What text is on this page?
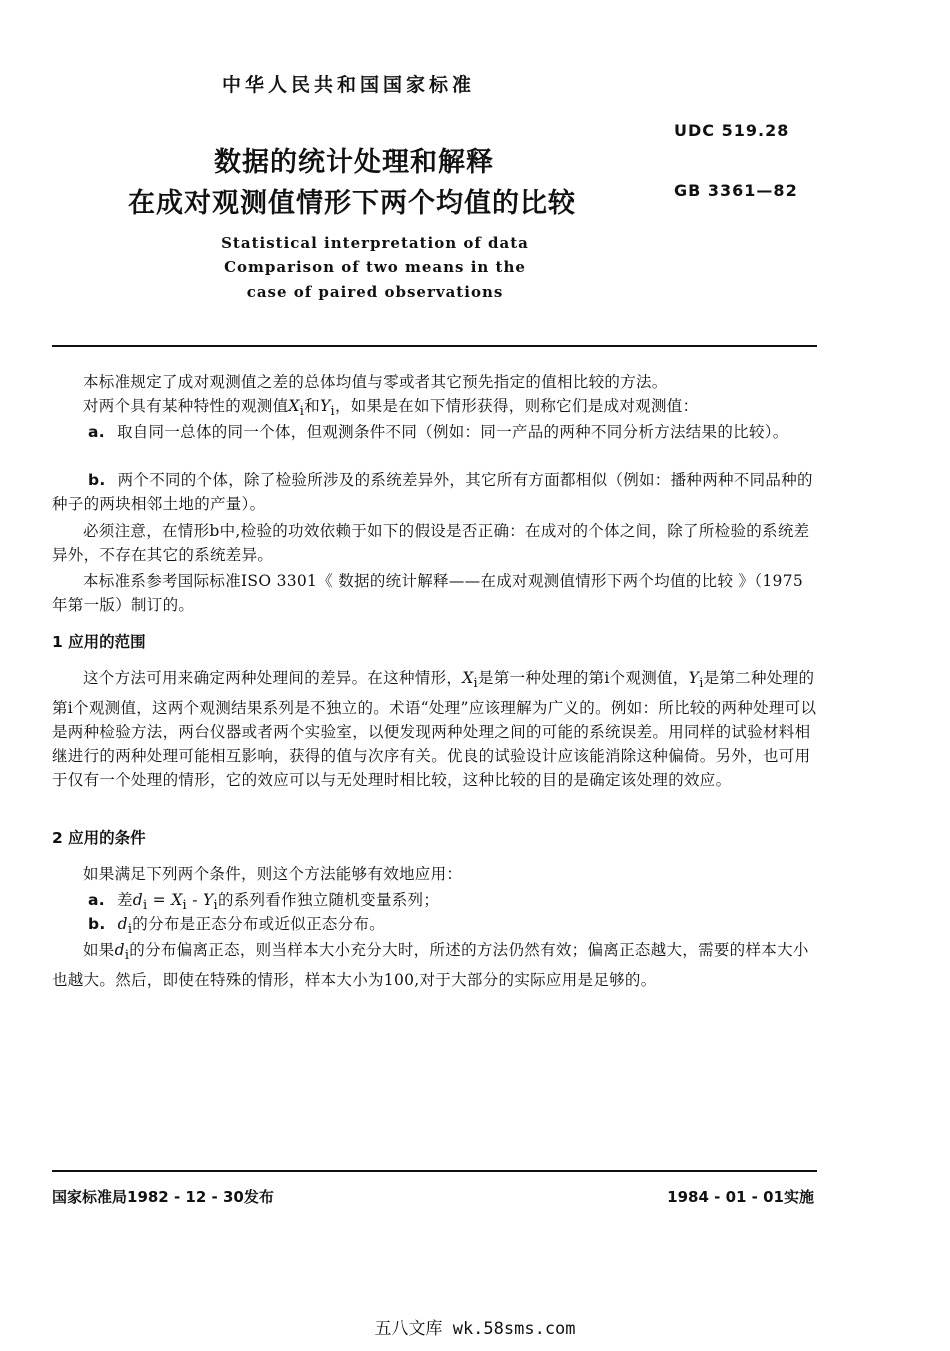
中华人民共和国国家标准
UDC 519.28
GB 3361—82
数据的统计处理和解释
在成对观测值情形下两个均值的比较
Statistical interpretation of data
Comparison of two means in the
case of paired observations
本标准规定了成对观测值之差的总体均值与零或者其它预先指定的值相比较的方法。
对两个具有某种特性的观测值$X_i$和$Y_i$，如果是在如下情形获得，则称它们是成对观测值：
a. 取自同一总体的同一个体，但观测条件不同（例如：同一产品的两种不同分析方法结果的比较）。
b. 两个不同的个体，除了检验所涉及的系统差异外，其它所有方面都相似（例如：播种两种不同品种的种子的两块相邻土地的产量）。
必须注意，在情形b中,检验的功效依赖于如下的假设是否正确：在成对的个体之间，除了所检验的系统差异外，不存在其它的系统差异。
本标准系参考国际标准ISO 3301《 数据的统计解释——在成对观测值情形下两个均值的比较 》（1975年第一版）制订的。
1 应用的范围
这个方法可用来确定两种处理间的差异。在这种情形，$X_i$是第一种处理的第i个观测值，$Y_i$是第二种处理的第i个观测值，这两个观测结果系列是不独立的。术语“处理”应该理解为广义的。例如：所比较的两种处理可以是两种检验方法，两台仪器或者两个实验室，以便发现两种处理之间的可能的系统误差。用同样的试验材料相继进行的两种处理可能相互影响，获得的值与次序有关。优良的试验设计应该能消除这种偏倚。另外，也可用于仅有一个处理的情形，它的效应可以与无处理时相比较，这种比较的目的是确定该处理的效应。
2 应用的条件
如果满足下列两个条件，则这个方法能够有效地应用：
a. 差$d_i = X_i - Y_i$的系列看作独立随机变量系列；
b. $d_i$的分布是正态分布或近似正态分布。
如果$d_i$的分布偏离正态，则当样本大小充分大时，所述的方法仍然有效；偏离正态越大，需要的样本大小也越大。然后，即使在特殊的情形，样本大小为100,对于大部分的实际应用是足够的。
国家标准局1982 - 12 - 30发布	1984 - 01 - 01实施
五八文库 wk.58sms.com
